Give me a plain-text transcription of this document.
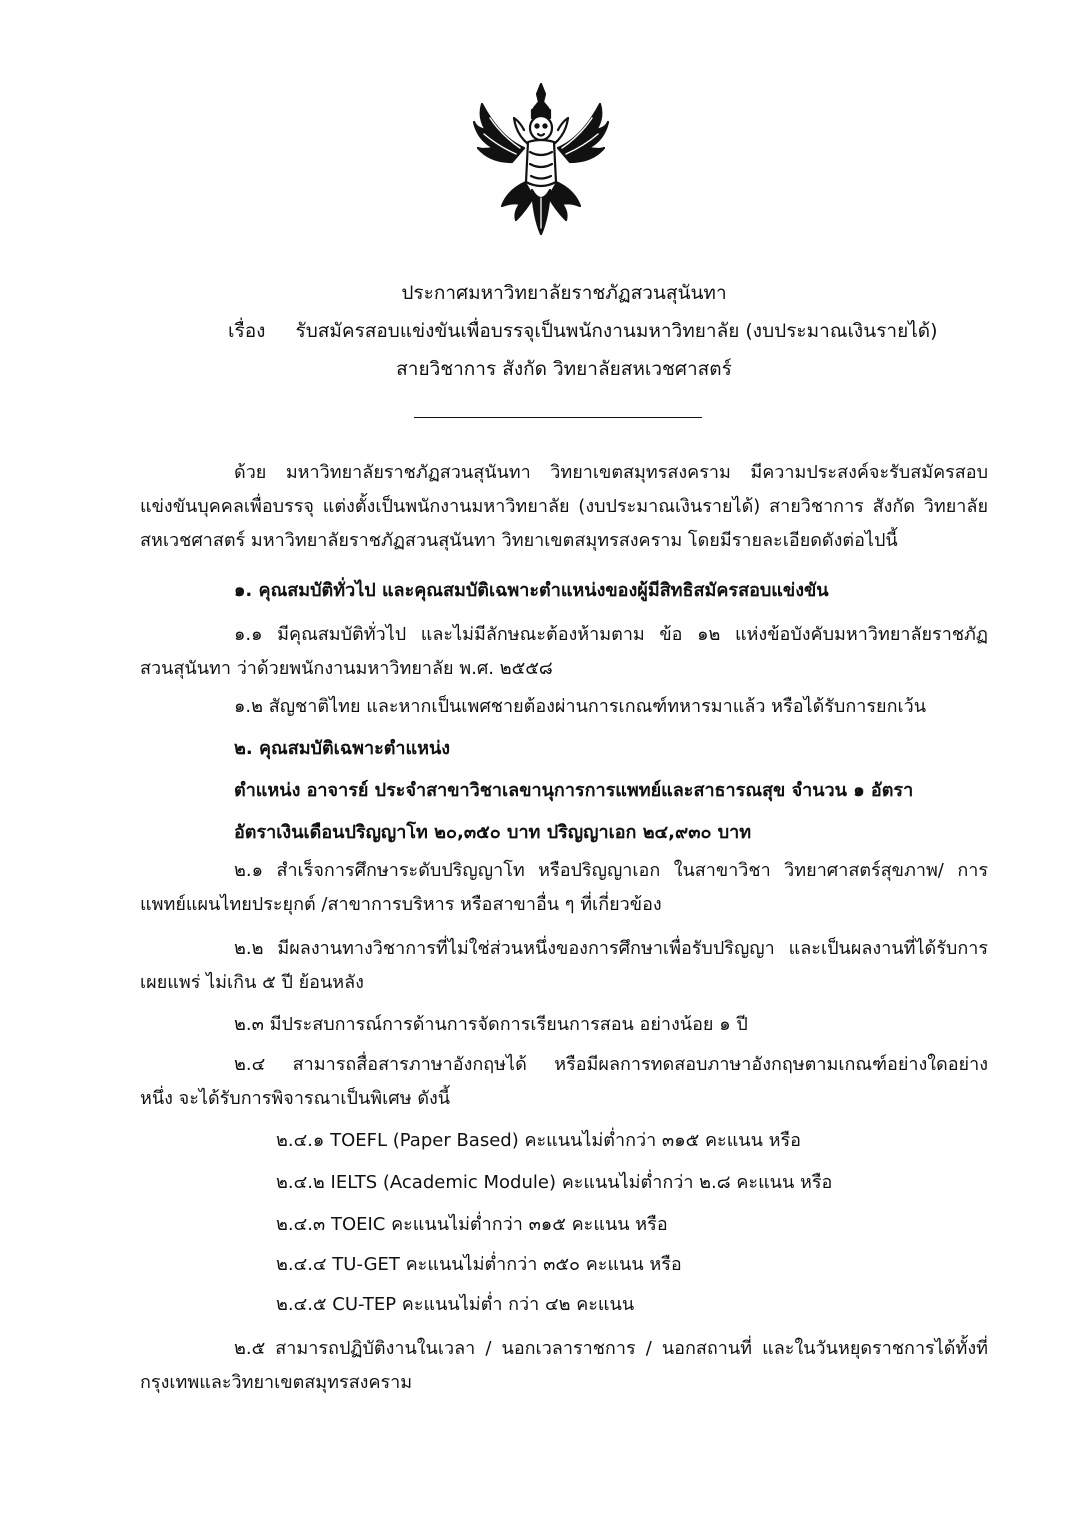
ประกาศมหาวิทยาลัยราชภัฏสวนสุนันทา
เรื่อง รับสมัครสอบแข่งขันเพื่อบรรจุเป็นพนักงานมหาวิทยาลัย (งบประมาณเงินรายได้)
สายวิชาการ สังกัด วิทยาลัยสหเวชศาสตร์
ด้วย มหาวิทยาลัยราชภัฏสวนสุนันทา วิทยาเขตสมุทรสงคราม มีความประสงค์จะรับสมัครสอบ
แข่งขันบุคคลเพื่อบรรจุ แต่งตั้งเป็นพนักงานมหาวิทยาลัย (งบประมาณเงินรายได้) สายวิชาการ สังกัด วิทยาลัย
สหเวชศาสตร์ มหาวิทยาลัยราชภัฏสวนสุนันทา วิทยาเขตสมุทรสงคราม โดยมีรายละเอียดดังต่อไปนี้
๑. คุณสมบัติทั่วไป และคุณสมบัติเฉพาะตำแหน่งของผู้มีสิทธิสมัครสอบแข่งขัน
๑.๑ มีคุณสมบัติทั่วไป และไม่มีลักษณะต้องห้ามตาม ข้อ ๑๒ แห่งข้อบังคับมหาวิทยาลัยราชภัฏ
สวนสุนันทา ว่าด้วยพนักงานมหาวิทยาลัย พ.ศ. ๒๕๕๘
๑.๒ สัญชาติไทย และหากเป็นเพศชายต้องผ่านการเกณฑ์ทหารมาแล้ว หรือได้รับการยกเว้น
๒. คุณสมบัติเฉพาะตำแหน่ง
ตำแหน่ง อาจารย์ ประจำสาขาวิชาเลขานุการการแพทย์และสาธารณสุข จำนวน ๑ อัตรา
อัตราเงินเดือนปริญญาโท ๒๐,๓๕๐ บาท ปริญญาเอก ๒๔,๙๓๐ บาท
๒.๑ สำเร็จการศึกษาระดับปริญญาโท หรือปริญญาเอก ในสาขาวิชา วิทยาศาสตร์สุขภาพ/ การ
แพทย์แผนไทยประยุกต์ /สาขาการบริหาร หรือสาขาอื่น ๆ ที่เกี่ยวข้อง
๒.๒ มีผลงานทางวิชาการที่ไม่ใช่ส่วนหนึ่งของการศึกษาเพื่อรับปริญญา และเป็นผลงานที่ได้รับการ
เผยแพร่ ไม่เกิน ๕ ปี ย้อนหลัง
๒.๓ มีประสบการณ์การด้านการจัดการเรียนการสอน อย่างน้อย ๑ ปี
๒.๔ สามารถสื่อสารภาษาอังกฤษได้ หรือมีผลการทดสอบภาษาอังกฤษตามเกณฑ์อย่างใดอย่าง
หนึ่ง จะได้รับการพิจารณาเป็นพิเศษ ดังนี้
๒.๔.๑ TOEFL (Paper Based) คะแนนไม่ต่ำกว่า ๓๑๕ คะแนน หรือ
๒.๔.๒ IELTS (Academic Module) คะแนนไม่ต่ำกว่า ๒.๘ คะแนน หรือ
๒.๔.๓ TOEIC คะแนนไม่ต่ำกว่า ๓๑๕ คะแนน หรือ
๒.๔.๔ TU-GET คะแนนไม่ต่ำกว่า ๓๕๐ คะแนน หรือ
๒.๔.๕ CU-TEP คะแนนไม่ต่ำ กว่า ๔๒ คะแนน
๒.๕ สามารถปฏิบัติงานในเวลา / นอกเวลาราชการ / นอกสถานที่ และในวันหยุดราชการได้ทั้งที่
กรุงเทพและวิทยาเขตสมุทรสงคราม
